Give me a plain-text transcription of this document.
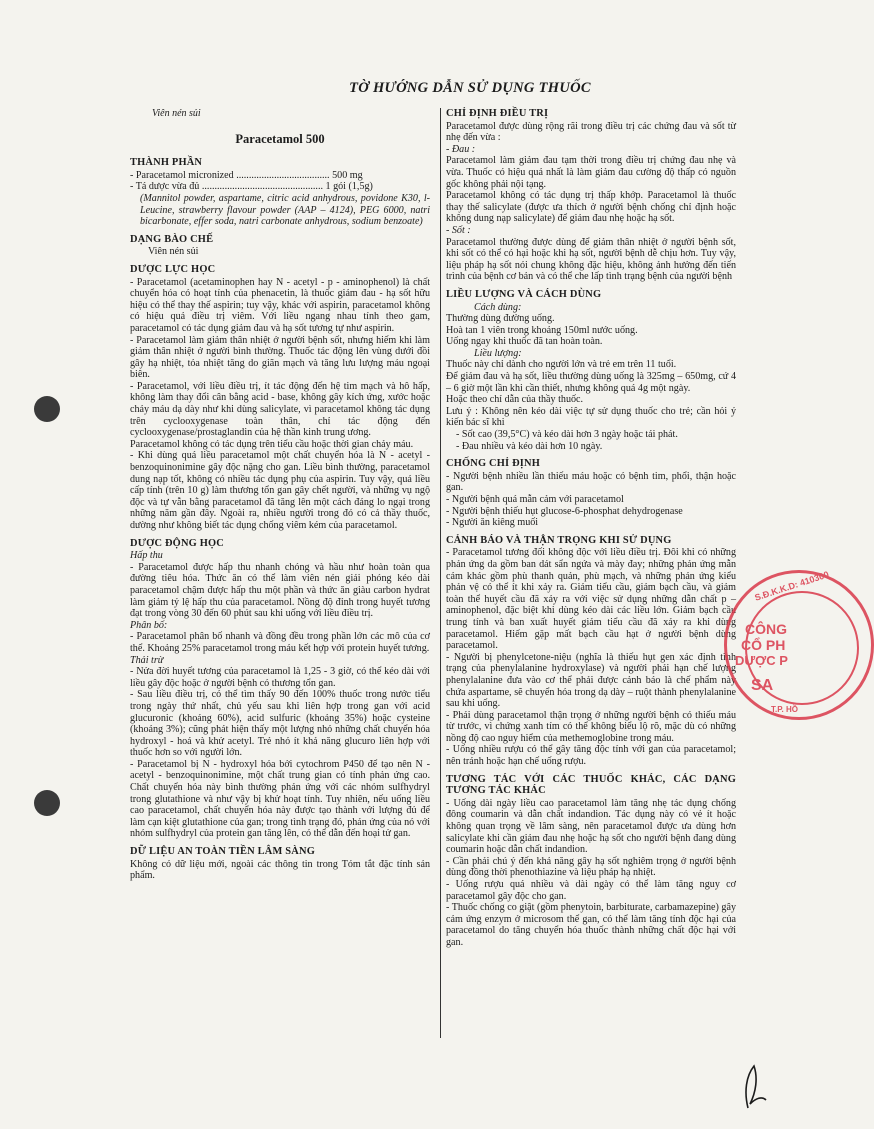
TỜ HƯỚNG DẪN SỬ DỤNG THUỐC

Viên nén sủi

Paracetamol 500
THÀNH PHẦN

- Paracetamol micronized ..................................... 500 mg

- Tá dược vừa đủ ................................................ 1 gói (1,5g)

(Mannitol powder, aspartame, citric acid anhydrous, povidone K30, l-Leucine, strawberry flavour powder (AAP – 4124), PEG 6000, natri bicarbonate, effer soda, natri carbonate anhydrous, sodium benzoate)

DẠNG BÀO CHẾ

Viên nén sủi

DƯỢC LỰC HỌC

- Paracetamol (acetaminophen hay N - acetyl - p - aminophenol) là chất chuyển hóa có hoạt tính của phenacetin, là thuốc giảm đau - hạ sốt hữu hiệu có thể thay thế aspirin; tuy vậy, khác với aspirin, paracetamol không có hiệu quả điều trị viêm. Với liều ngang nhau tính theo gam, paracetamol có tác dụng giảm đau và hạ sốt tương tự như aspirin.

- Paracetamol làm giảm thân nhiệt ở người bệnh sốt, nhưng hiếm khi làm giảm thân nhiệt ở người bình thường. Thuốc tác động lên vùng dưới đồi gây hạ nhiệt, tỏa nhiệt tăng do giãn mạch và tăng lưu lượng máu ngoại biên.

- Paracetamol, với liều điều trị, ít tác động đến hệ tim mạch và hô hấp, không làm thay đổi cân bằng acid - base, không gây kích ứng, xước hoặc chảy máu dạ dày như khi dùng salicylate, vì paracetamol không tác dụng trên cyclooxygenase toàn thân, chỉ tác động đến cyclooxygenase/prostaglandin của hệ thần kinh trung ương.

Paracetamol không có tác dụng trên tiểu cầu hoặc thời gian chảy máu.

- Khi dùng quá liều paracetamol một chất chuyển hóa là N - acetyl - benzoquinonimine gây độc nặng cho gan. Liều bình thường, paracetamol dung nạp tốt, không có nhiều tác dụng phụ của aspirin. Tuy vậy, quá liều cấp tính (trên 10 g) làm thương tổn gan gây chết người, và những vụ ngộ độc và tự vẫn bằng paracetamol đã tăng lên một cách đáng lo ngại trong những năm gần đây. Ngoài ra, nhiều người trong đó có cả thầy thuốc, dường như không biết tác dụng chống viêm kém của paracetamol.

DƯỢC ĐỘNG HỌC

Hấp thu

- Paracetamol được hấp thu nhanh chóng và hầu như hoàn toàn qua đường tiêu hóa. Thức ăn có thể làm viên nén giải phóng kéo dài paracetamol chậm được hấp thu một phần và thức ăn giàu carbon hydrat làm giảm tỷ lệ hấp thu của paracetamol. Nồng độ đỉnh trong huyết tương đạt trong vòng 30 đến 60 phút sau khi uống với liều điều trị.

Phân bố:

- Paracetamol phân bố nhanh và đồng đều trong phần lớn các mô của cơ thể. Khoảng 25% paracetamol trong máu kết hợp với protein huyết tương.

Thải trừ

- Nửa đời huyết tương của paracetamol là 1,25 - 3 giờ, có thể kéo dài với liều gây độc hoặc ở người bệnh có thương tổn gan.

- Sau liều điều trị, có thể tìm thấy 90 đến 100% thuốc trong nước tiểu trong ngày thứ nhất, chủ yếu sau khi liên hợp trong gan với acid glucuronic (khoảng 60%), acid sulfuric (khoảng 35%) hoặc cysteine (khoảng 3%); cũng phát hiện thấy một lượng nhỏ những chất chuyển hóa hydroxyl - hoá và khử acetyl. Trẻ nhỏ ít khả năng glucuro liên hợp với thuốc hơn so với người lớn.

- Paracetamol bị N - hydroxyl hóa bởi cytochrom P450 để tạo nên N - acetyl - benzoquinonimine, một chất trung gian có tính phản ứng cao. Chất chuyển hóa này bình thường phản ứng với các nhóm sulfhydryl trong glutathione và như vậy bị khử hoạt tính. Tuy nhiên, nếu uống liều cao paracetamol, chất chuyển hóa này được tạo thành với lượng đủ để làm cạn kiệt glutathione của gan; trong tình trạng đó, phản ứng của nó với nhóm sulfhydryl của protein gan tăng lên, có thể dẫn đến hoại tử gan.

DỮ LIỆU AN TOÀN TIỀN LÂM SÀNG

Không có dữ liệu mới, ngoài các thông tin trong Tóm tắt đặc tính sản phẩm.

CHỈ ĐỊNH ĐIỀU TRỊ

Paracetamol được dùng rộng rãi trong điều trị các chứng đau và sốt từ nhẹ đến vừa :

- Đau :

Paracetamol làm giảm đau tạm thời trong điều trị chứng đau nhẹ và vừa. Thuốc có hiệu quả nhất là làm giảm đau cường độ thấp có nguồn gốc không phải nội tạng.

Paracetamol không có tác dụng trị thấp khớp. Paracetamol là thuốc thay thế salicylate (được ưa thích ở người bệnh chống chỉ định hoặc không dung nạp salicylate) để giảm đau nhẹ hoặc hạ sốt.

- Sốt :

Paracetamol thường được dùng để giảm thân nhiệt ở người bệnh sốt, khi sốt có thể có hại hoặc khi hạ sốt, người bệnh dễ chịu hơn. Tuy vậy, liệu pháp hạ sốt nói chung không đặc hiệu, không ảnh hưởng đến tiến trình của bệnh cơ bản và có thể che lấp tình trạng bệnh của người bệnh

LIỀU LƯỢNG VÀ CÁCH DÙNG

Cách dùng:

Thường dùng đường uống.

Hoà tan 1 viên trong khoảng 150ml nước uống.

Uống ngay khi thuốc đã tan hoàn toàn.

Liều lượng:

Thuốc này chỉ dành cho người lớn và trẻ em trên 11 tuổi.

Để giảm đau và hạ sốt, liều thường dùng uống là 325mg – 650mg, cứ 4 – 6 giờ một lần khi cần thiết, nhưng không quá 4g một ngày.

Hoặc theo chỉ dẫn của thầy thuốc.

Lưu ý : Không nên kéo dài việc tự sử dụng thuốc cho trẻ; cần hỏi ý kiến bác sĩ khi

- Sốt cao (39,5°C) và kéo dài hơn 3 ngày hoặc tái phát.

- Đau nhiều và kéo dài hơn 10 ngày.

CHỐNG CHỈ ĐỊNH

- Người bệnh nhiều lần thiếu máu hoặc có bệnh tim, phổi, thận hoặc gan.

- Người bệnh quá mẫn cảm với paracetamol

- Người bệnh thiếu hụt glucose-6-phosphat dehydrogenase

- Người ăn kiêng muối

CẢNH BÁO VÀ THẬN TRỌNG KHI SỬ DỤNG

- Paracetamol tương đối không độc với liều điều trị. Đôi khi có những phản ứng da gồm ban dát sẩn ngứa và mày đay; những phản ứng mẫn cảm khác gồm phù thanh quản, phù mạch, và những phản ứng kiểu phản vệ có thể ít khi xảy ra. Giảm tiểu cầu, giảm bạch cầu, và giảm toàn thể huyết cầu đã xảy ra với việc sử dụng những dẫn chất p – aminophenol, đặc biệt khi dùng kéo dài các liều lớn. Giảm bạch cầu trung tính và ban xuất huyết giảm tiểu cầu đã xảy ra khi dùng paracetamol. Hiếm gặp mất bạch cầu hạt ở người bệnh dùng paracetamol.

- Người bị phenylcetone-niệu (nghĩa là thiếu hụt gen xác định tình trạng của phenylalanine hydroxylase) và người phải hạn chế lượng phenylalanine đưa vào cơ thể phải được cảnh báo là chế phẩm này chứa aspartame, sẽ chuyển hóa trong dạ dày – ruột thành phenylalanine sau khi uống.

- Phải dùng paracetamol thận trọng ở những người bệnh có thiếu máu từ trước, vì chứng xanh tím có thể không biểu lộ rõ, mặc dù có những nồng độ cao nguy hiểm của methemoglobine trong máu.

- Uống nhiều rượu có thể gây tăng độc tính với gan của paracetamol; nên tránh hoặc hạn chế uống rượu.

TƯƠNG TÁC VỚI CÁC THUỐC KHÁC, CÁC DẠNG TƯƠNG TÁC KHÁC

- Uống dài ngày liều cao paracetamol làm tăng nhẹ tác dụng chống đông coumarin và dẫn chất indandion. Tác dụng này có vẻ ít hoặc không quan trọng về lâm sàng, nên paracetamol được ưa dùng hơn salicylate khi cần giảm đau nhẹ hoặc hạ sốt cho người bệnh đang dùng coumarin hoặc dẫn chất indandion.

- Cần phải chú ý đến khả năng gây hạ sốt nghiêm trọng ở người bệnh dùng đồng thời phenothiazine và liệu pháp hạ nhiệt.

- Uống rượu quá nhiều và dài ngày có thể làm tăng nguy cơ paracetamol gây độc cho gan.

- Thuốc chống co giật (gồm phenytoin, barbiturate, carbamazepine) gây cảm ứng enzym ở microsom thể gan, có thể làm tăng tính độc hại của paracetamol do tăng chuyển hóa thuốc thành những chất độc hại với gan.

S.Đ.K.K.D: 410300
CÔNG
CỔ PH
DƯỢC P
SA
T.P. HỒ
